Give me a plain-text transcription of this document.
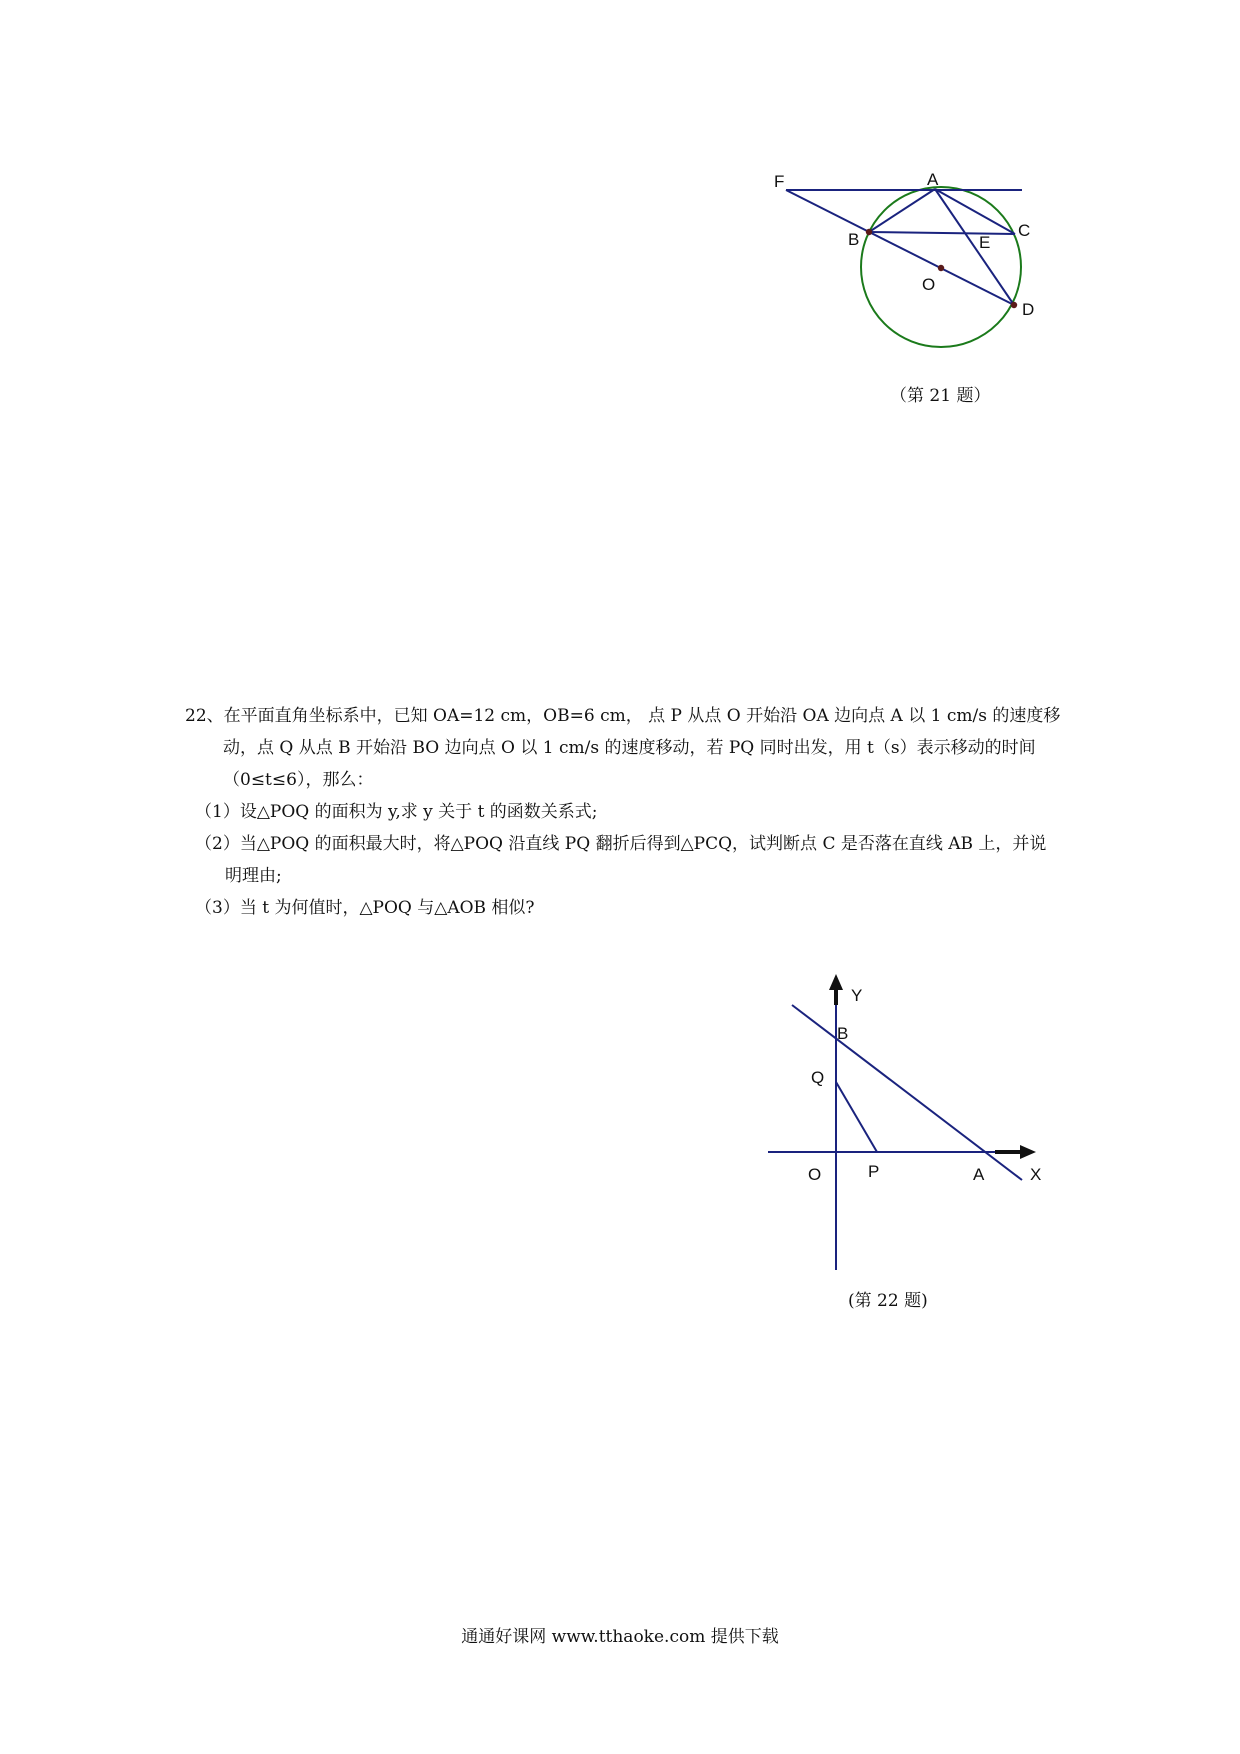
F	A
B	C
E
O
D
（第 21 题）

22、在平面直角坐标系中，已知 OA=12 cm，OB=6 cm， 点 P 从点 O 开始沿 OA 边向点 A 以 1 cm/s 的速度移

动，点 Q 从点 B 开始沿 BO 边向点 O 以 1 cm/s 的速度移动，若 PQ 同时出发，用 t（s）表示移动的时间

（0≤t≤6），那么：

（1）设△POQ 的面积为 y,求 y 关于 t 的函数关系式;

（2）当△POQ 的面积最大时，将△POQ 沿直线 PQ 翻折后得到△PCQ，试判断点 C 是否落在直线 AB 上，并说

明理由;

（3）当 t 为何值时，△POQ 与△AOB 相似?

Y
B
Q
O	P	A	X
(第 22 题)
通通好课网 www.tthaoke.com 提供下载
